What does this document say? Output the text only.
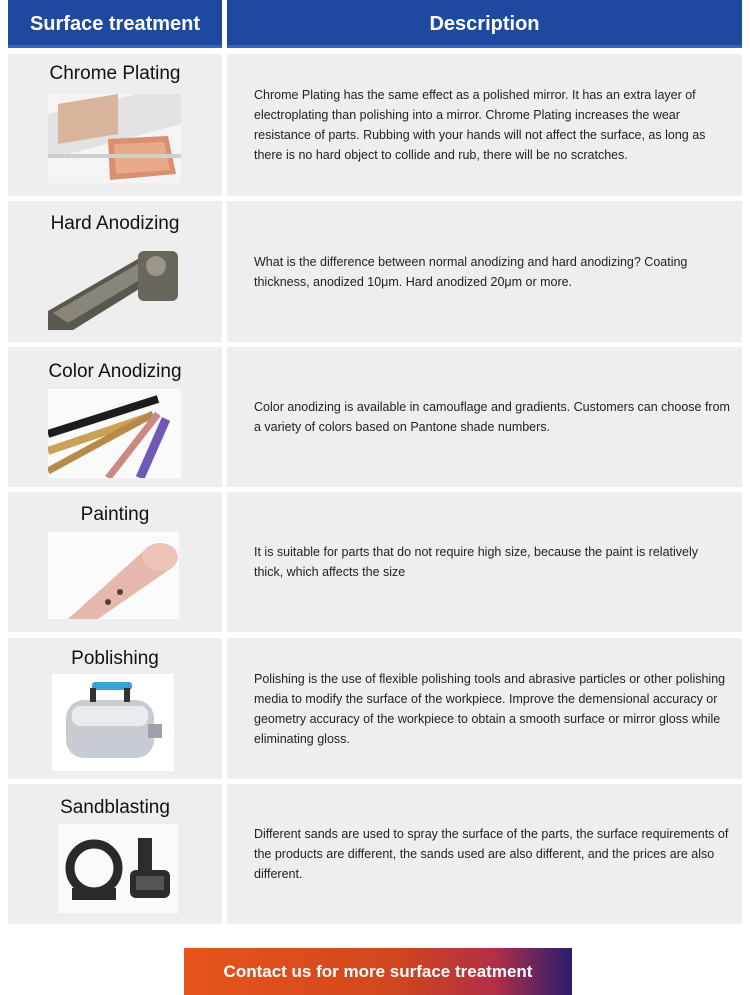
Surface treatment	Description
Chrome Plating
Chrome Plating has the same effect as a polished mirror. It has an extra layer of electroplating than polishing into a mirror. Chrome Plating increases the wear resistance of parts. Rubbing with your hands will not affect the surface, as long as there is no hard object to collide and rub, there will be no scratches.
Hard Anodizing
What is the difference between normal anodizing and hard anodizing? Coating thickness, anodized 10μm. Hard anodized 20μm or more.
Color Anodizing
Color anodizing is available in camouflage and gradients. Customers can choose from a variety of colors based on Pantone shade numbers.
Painting
It is suitable for parts that do not require high size, because the paint is relatively thick, which affects the size
Poblishing
Polishing is the use of flexible polishing tools and abrasive particles or other polishing media to modify the surface of the workpiece. Improve the demensional accuracy or geometry accuracy of the workpiece to obtain a smooth surface or mirror gloss while eliminating gloss.
Sandblasting
Different sands are used to spray the surface of the parts, the surface requirements of the products are different, the sands used are also different, and the prices are also different.
Contact us for more surface treatment
